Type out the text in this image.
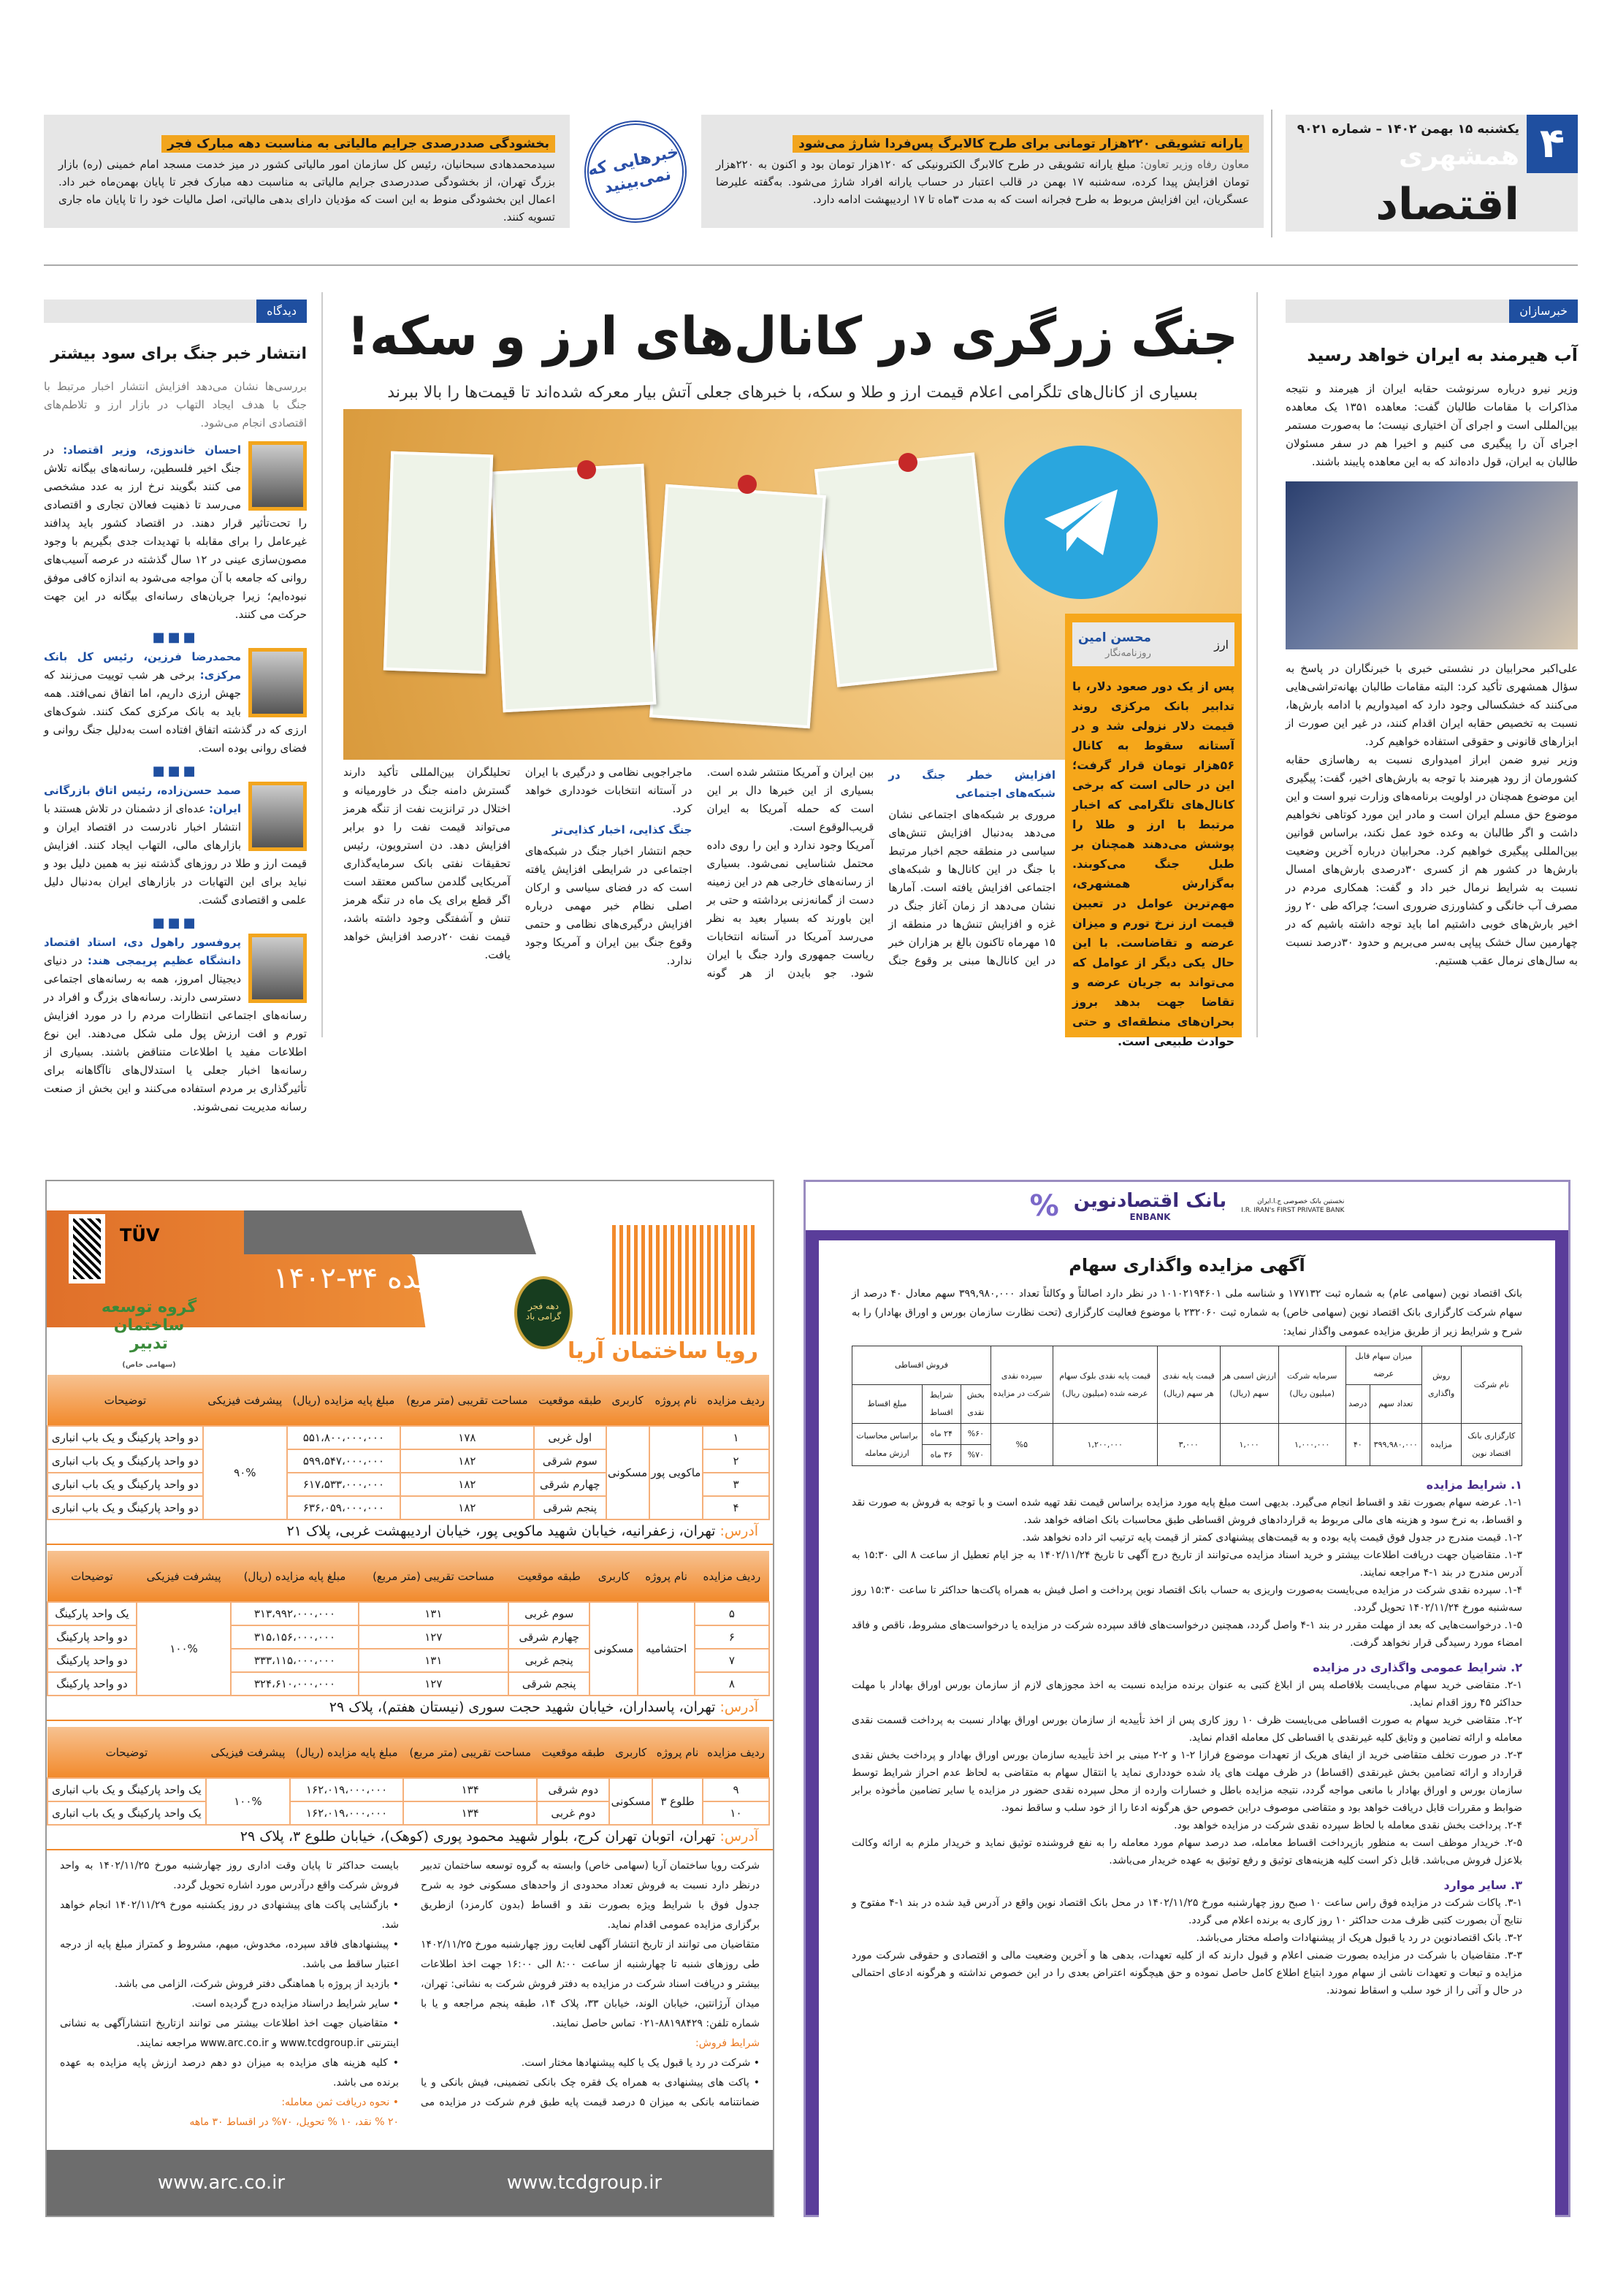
۴
یکشنبه ۱۵ بهمن ۱۴۰۲ – شماره ۹۰۲۱
همشهری
اقتصاد
یارانه تشویقی ۲۲۰هزار تومانی برای طرح کالابرگ پس‌فردا شارژ می‌شود
معاون رفاه وزیر تعاون: مبلغ یارانه تشویقی در طرح کالابرگ الکترونیکی که ۱۲۰هزار تومان بود و اکنون به ۲۲۰هزار تومان افزایش پیدا کرده، سه‌شنبه ۱۷ بهمن در قالب اعتبار در حساب یارانه افراد شارژ می‌شود. به‌گفته علیرضا عسگریان، این افزایش مربوط به طرح فجرانه است که به مدت ۳ماه تا ۱۷ اردیبهشت ادامه دارد.
خبرهایی که نمی‌بینید
بخشودگی صددرصدی جرایم مالیاتی به مناسبت دهه مبارک فجر
سیدمحمدهادی سبحانیان، رئیس کل سازمان امور مالیاتی کشور در میز خدمت مسجد امام خمینی (ره) بازار بزرگ تهران، از بخشودگی صددرصدی جرایم مالیاتی به مناسبت دهه مبارک فجر تا پایان بهمن‌ماه خبر داد. اعمال این بخشودگی منوط به این است که مؤدیان دارای بدهی مالیاتی، اصل مالیات خود را تا پایان ماه جاری تسویه کنند.
خبرسازان
آب هیرمند به ایران خواهد رسید

وزیر نیرو درباره سرنوشت حقابه ایران از هیرمند و نتیجه مذاکرات با مقامات طالبان گفت: معاهده ۱۳۵۱ یک معاهده بین‌المللی است و اجرای آن اختیاری نیست؛ ما به‌صورت مستمر اجرای آن را پیگیری می کنیم و اخیرا هم در سفر مسئولان طالبان به ایران، قول داده‌اند که به این معاهده پایبند باشند.

علی‌اکبر محرابیان در نشستی خبری با خبرنگاران در پاسخ به سؤال همشهری تأکید کرد: البته مقامات طالبان بهانه‌تراشی‌هایی می‌کنند که خشکسالی وجود دارد که امیدواریم با ادامه بارش‌ها، نسبت به تخصیص حقابه ایران اقدام کنند، در غیر این صورت از ابزارهای قانونی و حقوقی استفاده خواهیم کرد.

وزیر نیرو ضمن ابراز امیدواری نسبت به رهاسازی حقابه کشورمان از رود هیرمند با توجه به بارش‌های اخیر، گفت: پیگیری این موضوع همچنان در اولویت برنامه‌های وزارت نیرو است و این موضوع حق مسلم ایران است و مادر این مورد کوتاهی نخواهیم داشت و اگر طالبان به وعده خود عمل نکند، براساس قوانین بین‌المللی پیگیری خواهیم کرد. محرابیان درباره آخرین وضعیت بارش‌ها در کشور هم از کسری ۳۰درصدی بارش‌های امسال نسبت به شرایط نرمال خبر داد و گفت: همکاری مردم در مصرف آب خانگی و کشاورزی ضروری است؛ چراکه طی ۲۰ روز اخیر بارش‌های خوبی داشتیم اما باید توجه داشته باشیم که در چهارمین سال خشک پیاپی به‌سر می‌بریم و حدود ۳۰درصد نسبت به سال‌های نرمال عقب هستیم.

جنگ زرگری در کانال‌های ارز و سکه!
بسیاری از کانال‌های تلگرامی اعلام قیمت ارز و طلا و سکه، با خبرهای جعلی آتش بیار معرکه شده‌اند تا قیمت‌ها را بالا ببرند
ارز
محسن امین
روزنامه‌نگار
پس از یک دور صعود دلار، با تدابیر بانک مرکزی روند قیمت دلار نزولی شد و در آستانه سقوط به کانال ۵۶هزار تومان قرار گرفت؛ این در حالی است که برخی کانال‌های تلگرامی که اخبار مرتبط با ارز و طلا را پوشش می‌دهند همچنان بر طبل جنگ می‌کوبند. به‌گزارش همشهری، مهم‌ترین عوامل در تعیین قیمت ارز نرخ تورم و میزان عرضه و تقاضاست. با این حال یکی دیگر از عوامل که می‌تواند به جریان عرضه و تقاضا جهت بدهد بروز بحران‌های منطقه‌ای و حتی حوادث طبیعی است.
افزایش خطر جنگ در شبکه‌های اجتماعی

مروری بر شبکه‌های اجتماعی نشان می‌دهد به‌دنبال افزایش تنش‌های سیاسی در منطقه حجم اخبار مرتبط با جنگ در این کانال‌ها و شبکه‌های اجتماعی افزایش یافته است. آمارها نشان می‌دهد از زمان آغاز جنگ در غزه و افزایش تنش‌ها در منطقه از ۱۵ مهرماه تاکنون بالغ بر هزاران خبر در این کانال‌ها مبنی بر وقوع جنگ بین ایران و آمریکا منتشر شده است. بسیاری از این خبرها دال بر این است که حمله آمریکا به ایران قریب‌الوقوع است.

آمریکا وجود ندارد و این را روی داده محتمل شناسایی نمی‌شود. بسیاری از رسانه‌های خارجی هم در این زمینه دست از گمانه‌زنی برداشته و حتی بر این باورند که بسیار بعید به نظر می‌رسد آمریکا در آستانه انتخابات ریاست جمهوری وارد جنگ با ایران شود. جو بایدن از هر گونه ماجراجویی نظامی و درگیری با ایران در آستانه انتخابات خودداری خواهد کرد.

جنگ کذایی، اخبار کذایی‌تر

حجم انتشار اخبار جنگ در شبکه‌های اجتماعی در شرایطی افزایش یافته است که در فضای سیاسی و ارکان اصلی نظام خبر مهمی درباره افزایش درگیری‌های نظامی و حتمی وقوع جنگ بین ایران و آمریکا وجود ندارد.

تحلیلگران بین‌المللی تأکید دارند گسترش دامنه جنگ در خاورمیانه و اختلال در ترانزیت نفت از تنگه هرمز می‌تواند قیمت نفت را دو برابر افزایش دهد. دن استرویون، رئیس تحقیقات نفتی بانک سرمایه‌گذاری آمریکایی گلدمن ساکس معتقد است اگر قطع برای یک ماه در تنگه هرمز تنش و آشفتگی وجود داشته باشد، قیمت نفت ۲۰درصد افزایش خواهد یافت.

دیدگاه
انتشار خبر جنگ برای سود بیشتر

بررسی‌ها نشان می‌دهد افزایش انتشار اخبار مرتبط با جنگ با هدف ایجاد التهاب در بازار ارز و تلاطم‌های اقتصادی انجام می‌شود.

احسان خاندوزی، وزیر اقتصاد: در جنگ اخیر فلسطین، رسانه‌های بیگانه تلاش می کنند بگویند نرخ ارز به عدد مشخصی می‌رسد تا ذهنیت فعالان تجاری و اقتصادی را تحت‌تأثیر قرار دهند. در اقتصاد کشور باید پدافند غیرعامل را برای مقابله با تهدیدات جدی بگیریم با وجود مصون‌سازی عینی در ۱۲ سال گذشته در عرصه آسیب‌های روانی که جامعه با آن مواجه می‌شود به اندازه کافی موفق نبوده‌ایم؛ زیرا جریان‌های رسانه‌ای بیگانه در این جهت حرکت می کنند.
■■■
محمدرضا فرزین، رئیس کل بانک مرکزی: برخی هر شب توییت می‌زنند که جهش ارزی داریم، اما اتفاق نمی‌افتد. همه باید به بانک مرکزی کمک کنند. شوک‌های ارزی که در گذشته اتفاق افتاده است به‌دلیل جنگ روانی و فضای روانی بوده است.
■■■
صمد حسن‌زاده، رئیس اتاق بازرگانی ایران: عده‌ای از دشمنان در تلاش هستند با انتشار اخبار نادرست در اقتصاد ایران و بازارهای مالی، التهاب ایجاد کنند. افزایش قیمت ارز و طلا در روزهای گذشته نیز به همین دلیل بود و نباید برای این التهابات در بازارهای ایران به‌دنبال دلیل علمی و اقتصادی گشت.
■■■
پروفسور راهول دی، استاد اقتصاد دانشگاه عظیم پریمجی هند: در دنیای دیجیتال امروز، همه به رسانه‌های اجتماعی دسترسی دارند. رسانه‌های بزرگ و افراد در رسانه‌های اجتماعی انتظارات مردم را در مورد افزایش تورم و افت ارزش پول ملی شکل می‌دهند. این نوع اطلاعات مفید یا اطلاعات متناقض باشند. بسیاری از رسانه‌ها اخبار جعلی یا استدلال‌های ناآگاهانه برای تأثیرگذاری بر مردم استفاده می‌کنند و این بخش از صنعت رسانه مدیریت نمی‌شوند.
مزایده ۳۴-۱۴۰۲
TÜV
دهه فجر گرامی باد
رویا ساختمان آریا
گروه توسعه ساختمان
تدبیر
(سهامی خاص)
ردیف مزایده	نام پروژه	کاربری	طبقه موقعیت	مساحت تقریبی (متر مربع)	مبلغ پایه مزایده (ریال)	پیشرفت فیزیکی	توضیحات
۱	ماکویی پور	مسکونی	اول غربی	۱۷۸	۵۵۱،۸۰۰،۰۰۰،۰۰۰	۹۰%	دو واحد پارکینگ و یک باب انباری
۲			سوم شرقی	۱۸۲	۵۹۹،۵۴۷،۰۰۰،۰۰۰		دو واحد پارکینگ و یک باب انباری
۳			چهارم شرقی	۱۸۲	۶۱۷،۵۳۳،۰۰۰،۰۰۰		دو واحد پارکینگ و یک باب انباری
۴			پنجم شرقی	۱۸۲	۶۳۶،۰۵۹،۰۰۰،۰۰۰		دو واحد پارکینگ و یک باب انباری
آدرس: تهران، زعفرانیه، خیابان شهید ماکویی پور، خیابان اردیبهشت غربی، پلاک ۲۱
ردیف مزایده	نام پروژه	کاربری	طبقه موقعیت	مساحت تقریبی (متر مربع)	مبلغ پایه مزایده (ریال)	پیشرفت فیزیکی	توضیحات
۵	احتشامیه	مسکونی	سوم غربی	۱۳۱	۳۱۳،۹۹۲،۰۰۰،۰۰۰	۱۰۰%	یک واحد پارکینگ
۶			چهارم شرقی	۱۲۷	۳۱۵،۱۵۶،۰۰۰،۰۰۰		دو واحد پارکینگ
۷			پنجم غربی	۱۳۱	۳۳۳،۱۱۵،۰۰۰،۰۰۰		دو واحد پارکینگ
۸			پنجم شرقی	۱۲۷	۳۲۴،۶۱۰،۰۰۰،۰۰۰		دو واحد پارکینگ
آدرس: تهران، پاسداران، خیابان شهید حجت سوری (نیستان هفتم)، پلاک ۲۹
ردیف مزایده	نام پروژه	کاربری	طبقه موقعیت	مساحت تقریبی (متر مربع)	مبلغ پایه مزایده (ریال)	پیشرفت فیزیکی	توضیحات
۹	طلوع ۳	مسکونی	دوم شرقی	۱۳۴	۱۶۲،۰۱۹،۰۰۰،۰۰۰	۱۰۰%	یک واحد پارکینگ و یک باب انباری
۱۰			دوم غربی	۱۳۴	۱۶۲،۰۱۹،۰۰۰،۰۰۰		یک واحد پارکینگ و یک باب انباری
آدرس: تهران، اتوبان تهران کرج، بلوار شهید محمود پوری (کوهک)، خیابان طلوع ۳، پلاک ۲۹

شرکت رویا ساختمان آریا (سهامی خاص) وابسته به گروه توسعه ساختمان تدبیر درنظر دارد نسبت به فروش تعداد محدودی از واحدهای مسکونی خود به شرح جدول فوق با شرایط ویژه بصورت نقد و اقساط (بدون کارمزد) ازطریق برگزاری مزایده عمومی اقدام نماید.

متقاضیان می توانند از تاریخ انتشار آگهی لغایت روز چهارشنبه مورخ ۱۴۰۲/۱۱/۲۵ طی روزهای شنبه تا چهارشنبه از ساعت ۸:۰۰ الی ۱۶:۰۰ جهت اخذ اطلاعات بیشتر و دریافت اسناد شرکت در مزایده به دفتر فروش شرکت به نشانی: تهران، میدان آرژانتین، خیابان الوند، خیابان ۳۳، پلاک ۱۴، طبقه پنجم مراجعه و یا با شماره تلفن: ۸۸۱۹۸۴۲۹-۰۲۱ تماس حاصل نمایند.

شرایط فروش:

• شرکت در رد یا قبول یک یا کلیه پیشنهادها مختار است.

• پاکت های پیشنهادی به همراه یک فقره چک بانکی تضمینی، فیش بانکی و یا ضمانتنامه بانکی به میزان ۵ درصد قیمت پایه طبق فرم شرکت در مزایده می بایست حداکثر تا پایان وقت اداری روز چهارشنبه مورخ ۱۴۰۲/۱۱/۲۵ به واحد فروش شرکت واقع درآدرس مورد اشاره تحویل گردد.

• بازگشایی پاکت های پیشنهادی در روز یکشنبه مورخ ۱۴۰۲/۱۱/۲۹ انجام خواهد شد.

• پیشنهادهای فاقد سپرده، مخدوش، مبهم، مشروط و کمتراز مبلغ پایه از درجه اعتبار ساقط می باشد.

• بازدید از پروژه با هماهنگی دفتر فروش شرکت، الزامی می باشد.

• سایر شرایط دراسناد مزایده درج گردیده است.

• متقاضیان جهت اخذ اطلاعات بیشتر می توانند ازتاریخ انتشارآگهی به نشانی اینترنتی www.tcdgroup.ir و www.arc.co.ir مراجعه نمایند.

• کلیه هزینه های مزایده به میزان دو دهم درصد ارزش پایه مزایده به عهده برنده می باشد.

• نحوه دریافت ثمن معامله:

۲۰ % نقد، ۱۰ % تحویل، ۷۰% در اقساط ۳۰ ماهه

www.arc.co.ir	www.tcdgroup.ir
نخستین بانک خصوصی ج.ا.ایران
I.R. IRAN's FIRST PRIVATE BANK
بانک اقتصادنوین
ENBANK
%
آگهی مزایده واگذاری سهام

بانک اقتصاد نوین (سهامی عام) به شماره ثبت ۱۷۷۱۳۲ و شناسه ملی ۱۰۱۰۲۱۹۴۶۰۱ در نظر دارد اصالتاً و وکالتاً تعداد ۳۹۹,۹۸۰,۰۰۰ سهم معادل ۴۰ درصد از سهام شرکت کارگزاری بانک اقتصاد نوین (سهامی خاص) به شماره ثبت ۲۳۲۰۶۰ با موضوع فعالیت کارگزاری (تحت نظارت سازمان بورس و اوراق بهادار) را به شرح و شرایط زیر از طریق مزایده عمومی واگذار نماید:

نام شرکت	روش واگذاری	میزان سهام قابل عرضه		سرمایه شرکت (میلیون ریال)	ارزش اسمی هر سهم (ریال)	قیمت پایه نقدی هر سهم (ریال)	قیمت پایه نقدی بلوک سهام عرضه شده (میلیون ریال)	سپرده نقدی شرکت در مزایده	فروش اقساطی		
		تعداد سهم	درصد						بخش نقدی	شرایط اقساط	مبلغ اقساط
کارگزاری بانک اقتصاد نوین	مزایده	۳۹۹,۹۸۰,۰۰۰	۴۰	۱,۰۰۰,۰۰۰	۱,۰۰۰	۳,۰۰۰	۱,۲۰۰,۰۰۰	%۵	%۶۰	۲۴ ماه	براساس محاسبات ارزش معامله
									%۷۰	۳۶ ماه	
۱. شرایط مزایده

۱-۱. عرضه سهام بصورت نقد و اقساط انجام می‌گیرد. بدیهی است مبلغ پایه مورد مزایده براساس قیمت نقد تهیه شده است و با توجه به فروش به صورت نقد و اقساط، به نرخ سود و هزینه های مالی مربوط به قراردادهای فروش اقساطی طبق محاسبات بانک اضافه خواهد شد.

۱-۲. قیمت مندرج در جدول فوق قیمت پایه بوده و به قیمت‌های پیشنهادی کمتر از قیمت پایه ترتیب اثر داده نخواهد شد.

۱-۳. متقاضیان جهت دریافت اطلاعات بیشتر و خرید اسناد مزایده می‌توانند از تاریخ درج آگهی تا تاریخ ۱۴۰۲/۱۱/۲۴ به جز ایام تعطیل از ساعت ۸ الی ۱۵:۳۰ به آدرس مندرج در بند ۱-۴ مراجعه نمایند.

۱-۴. سپرده نقدی شرکت در مزایده می‌بایست به‌صورت واریزی به حساب بانک اقتصاد نوین پرداخت و اصل فیش به همراه پاکت‌ها حداکثر تا ساعت ۱۵:۳۰ روز سه‌شنبه مورخ ۱۴۰۲/۱۱/۲۴ تحویل گردد.

۱-۵. درخواست‌هایی که بعد از مهلت مقرر در بند ۱-۴ واصل گردد، همچنین درخواست‌های فاقد سپرده شرکت در مزایده یا درخواست‌های مشروط، ناقص و فاقد امضاء مورد رسیدگی قرار نخواهد گرفت.

۲. شرایط عمومی واگذاری در مزایده

۲-۱. متقاضی خرید سهام می‌بایست بلافاصله پس از ابلاغ کتبی به عنوان برنده مزایده نسبت به اخذ مجوزهای لازم از سازمان بورس اوراق بهادار با مهلت حداکثر ۴۵ روز اقدام نماید.

۲-۲. متقاضی خرید سهام به صورت اقساطی می‌بایست ظرف ۱۰ روز کاری پس از اخذ تأییدیه از سازمان بورس اوراق بهادار نسبت به پرداخت قسمت نقدی معامله و ارائه تضامین و وثایق کلیه غیرنقدی یا اقساطی کل معامله اقدام نماید.

۲-۳. در صورت تخلف متقاضی خرید از ایفای هریک از تعهدات موضوع فرازا ۲-۱ و ۲-۲ مبنی بر اخذ تأییدیه سازمان بورس اوراق بهادار و پرداخت بخش نقدی قرارداد و ارائه تضامین بخش غیرنقدی (اقساط) در ظرف مهلت های یاد شده خودداری نماید یا انتقال سهام به متقاضی به لحاظ عدم احراز شرایط توسط سازمان بورس و اوراق بهادار با مانعی مواجه گردد، نتیجه مزایده باطل و خسارات وارده از محل سپرده نقدی حضور در مزایده یا سایر تضامین مأخوذه برابر ضوابط و مقررات قابل دریافت خواهد بود و متقاضی موصوف دراین خصوص حق هرگونه ادعا را از خود سلب و ساقط نمود.

۲-۴. پرداخت بخش نقدی معامله با لحاظ سپرده نقدی شرکت در مزایده خواهد بود.

۲-۵. خریدار موظف است به منظور بازپرداخت اقساط معامله، صد درصد سهام مورد معامله را به نفع فروشنده توثیق نماید و خریدار ملزم به ارائه وکالت بلاعزل فروش می‌باشد. قابل ذکر است کلیه هزینه‌های توثیق و رفع توثیق به عهده خریدار می‌باشد.

۳. سایر موارد

۳-۱. پاکات شرکت در مزایده فوق راس ساعت ۱۰ صبح روز چهارشنبه مورخ ۱۴۰۲/۱۱/۲۵ در محل بانک اقتصاد نوین واقع در آدرس قید شده در بند ۱-۴ مفتوح و نتایج آن بصورت کتبی ظرف مدت حداکثر ۱۰ روز کاری به برنده اعلام می گردد.

۳-۲. بانک اقتصادنوین در رد یا قبول هریک از پیشنهادات واصله مختار می‌باشد.

۳-۳. متقاضیان با شرکت در مزایده بصورت ضمنی اعلام و قبول دارند که از کلیه تعهدات، بدهی ها و آخرین وضعیت مالی و اقتصادی و حقوقی شرکت مورد مزایده و تبعات و تعهدات ناشی از سهام مورد ابتیاع اطلاع کامل حاصل نموده و حق هیچگونه اعتراض بعدی را در این خصوص نداشته و هرگونه ادعای احتمالی در حال و آتی را از خود سلب و اسقاط نمودند.
